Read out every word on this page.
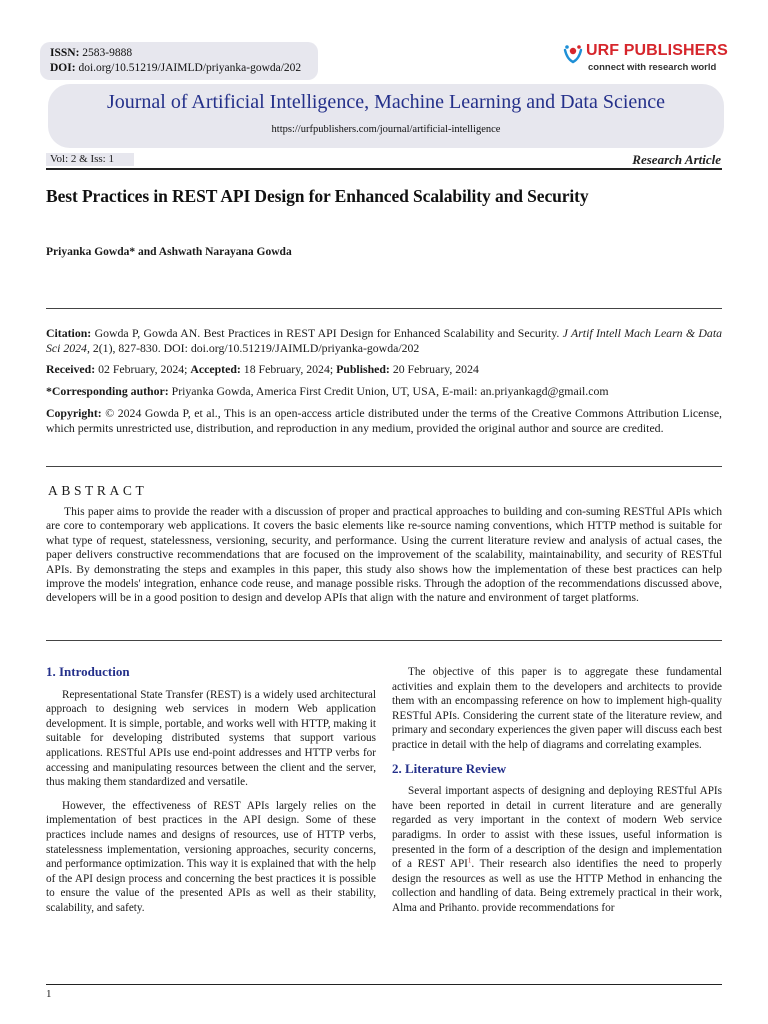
ISSN: 2583-9888
DOI: doi.org/10.51219/JAIMLD/priyanka-gowda/202
URF PUBLISHERS
connect with research world
Journal of Artificial Intelligence, Machine Learning and Data Science
https://urfpublishers.com/journal/artificial-intelligence
Vol: 2 & Iss: 1	Research Article
Best Practices in REST API Design for Enhanced Scalability and Security
Priyanka Gowda* and Ashwath Narayana Gowda
Citation: Gowda P, Gowda AN. Best Practices in REST API Design for Enhanced Scalability and Security. J Artif Intell Mach Learn & Data Sci 2024, 2(1), 827-830. DOI: doi.org/10.51219/JAIMLD/priyanka-gowda/202
Received: 02 February, 2024; Accepted: 18 February, 2024; Published: 20 February, 2024
*Corresponding author: Priyanka Gowda, America First Credit Union, UT, USA, E-mail: an.priyankagd@gmail.com
Copyright: © 2024 Gowda P, et al., This is an open-access article distributed under the terms of the Creative Commons Attribution License, which permits unrestricted use, distribution, and reproduction in any medium, provided the original author and source are credited.
ABSTRACT
This paper aims to provide the reader with a discussion of proper and practical approaches to building and con-suming RESTful APIs which are core to contemporary web applications. It covers the basic elements like re-source naming conventions, which HTTP method is suitable for what type of request, statelessness, versioning, security, and performance. Using the current literature review and analysis of actual cases, the paper delivers constructive recommendations that are focused on the improvement of the scalability, maintainability, and security of RESTful APIs. By demonstrating the steps and examples in this paper, this study also shows how the implementation of these best practices can help improve the models' integration, enhance code reuse, and manage possible risks. Through the adoption of the recommendations discussed above, developers will be in a good position to design and develop APIs that align with the nature and environment of target platforms.
1. Introduction

Representational State Transfer (REST) is a widely used architectural approach to designing web services in modern Web application development. It is simple, portable, and works well with HTTP, making it suitable for developing distributed systems that support various applications. RESTful APIs use end-point addresses and HTTP verbs for accessing and manipulating resources between the client and the server, thus making them standardized and versatile.

However, the effectiveness of REST APIs largely relies on the implementation of best practices in the API design. Some of these practices include names and designs of resources, use of HTTP verbs, statelessness implementation, versioning approaches, security concerns, and performance optimization. This way it is explained that with the help of the API design process and concerning the best practices it is possible to ensure the value of the presented APIs as well as their stability, scalability, and safety.

The objective of this paper is to aggregate these fundamental activities and explain them to the developers and architects to provide them with an encompassing reference on how to implement high-quality RESTful APIs. Considering the current state of the literature review, and primary and secondary experiences the given paper will discuss each best practice in detail with the help of diagrams and correlating examples.

2. Literature Review

Several important aspects of designing and deploying RESTful APIs have been reported in detail in current literature and are generally regarded as very important in the context of modern Web service paradigms. In order to assist with these issues, useful information is presented in the form of a description of the design and implementation of a REST API$^1$. Their research also identifies the need to properly design the resources as well as use the HTTP Method in enhancing the collection and handling of data. Being extremely practical in their work, Alma and Prihanto. provide recommendations for

1
